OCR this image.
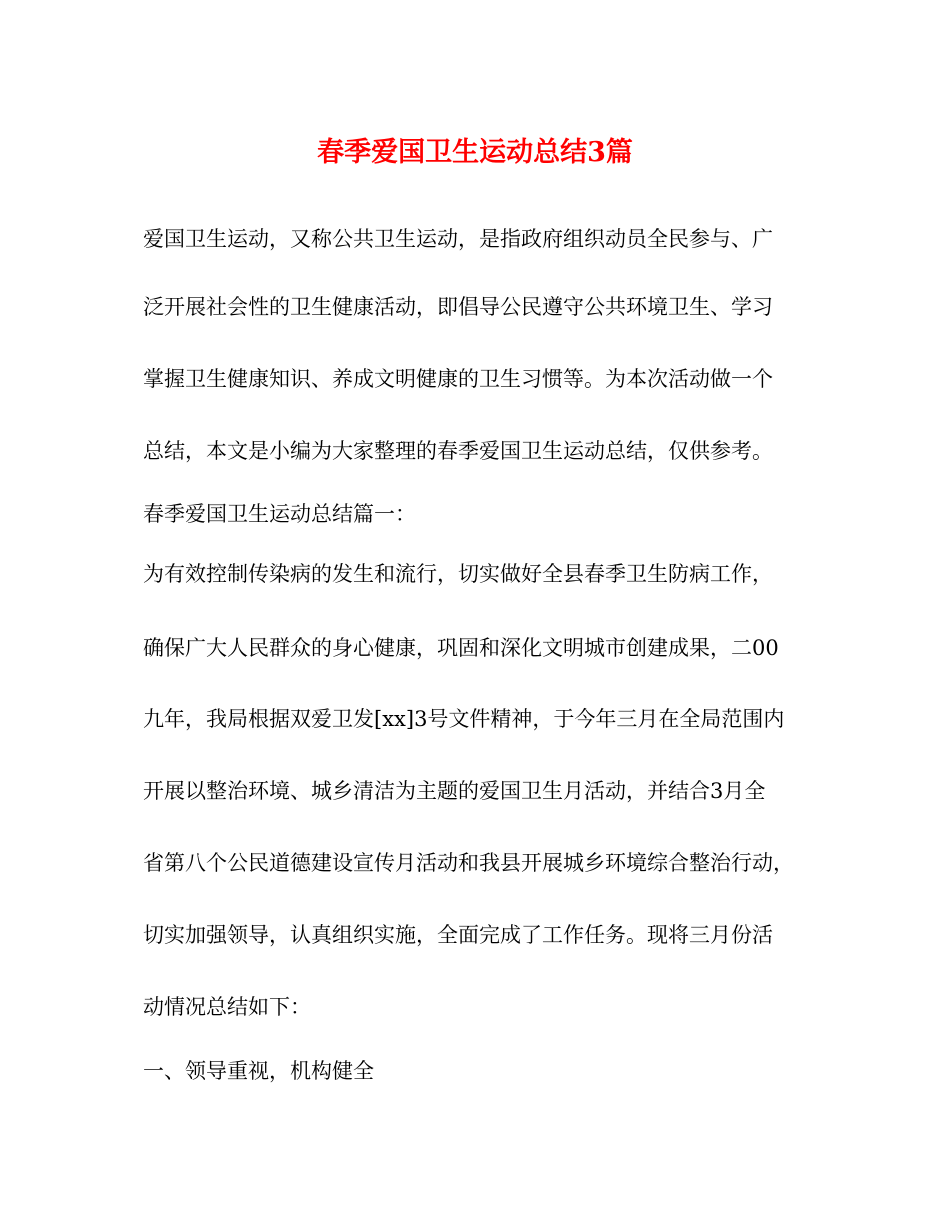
春季爱国卫生运动总结3篇
爱国卫生运动，又称公共卫生运动，是指政府组织动员全民参与、广
泛开展社会性的卫生健康活动，即倡导公民遵守公共环境卫生、学习
掌握卫生健康知识、养成文明健康的卫生习惯等。为本次活动做一个
总结，本文是小编为大家整理的春季爱国卫生运动总结，仅供参考。
春季爱国卫生运动总结篇一：
为有效控制传染病的发生和流行，切实做好全县春季卫生防病工作，
确保广大人民群众的身心健康，巩固和深化文明城市创建成果，二00
九年，我局根据双爱卫发[xx]3号文件精神，于今年三月在全局范围内
开展以整治环境、城乡清洁为主题的爱国卫生月活动，并结合3月全
省第八个公民道德建设宣传月活动和我县开展城乡环境综合整治行动，
切实加强领导，认真组织实施，全面完成了工作任务。现将三月份活
动情况总结如下：
一、领导重视，机构健全
